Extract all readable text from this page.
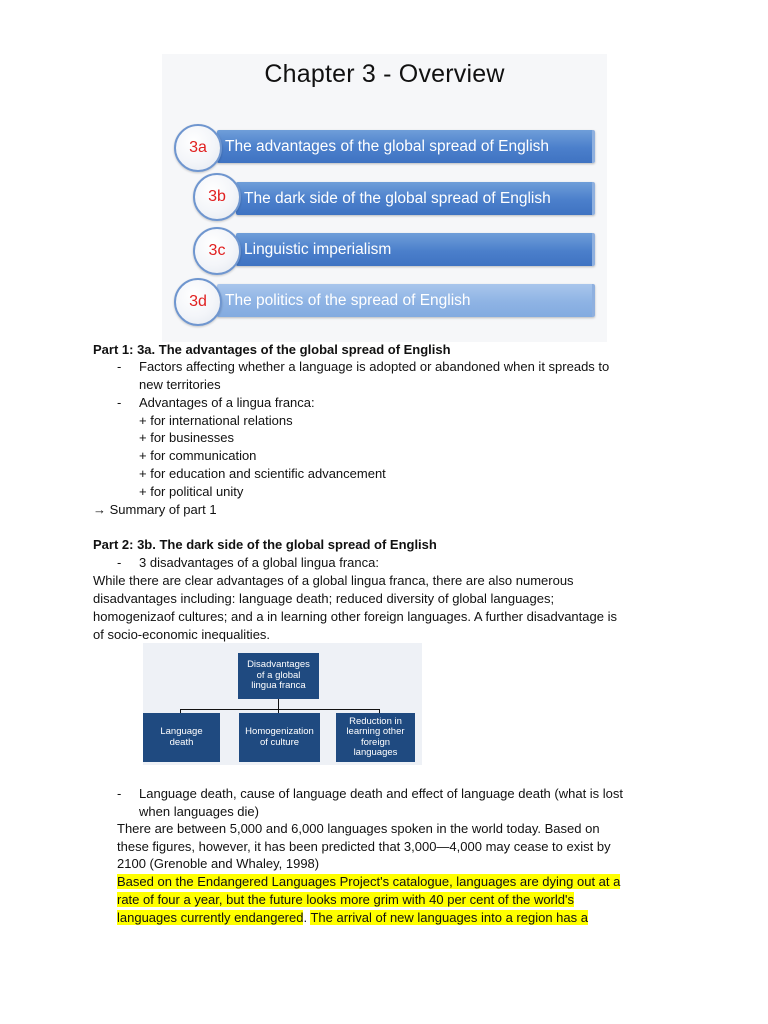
Chapter 3 - Overview
The advantages of the global spread of English
3a
The dark side of the global spread of English
3b
Linguistic imperialism
3c
The politics of the spread of English
3d
Part 1: 3a. The advantages of the global spread of English
- Factors affecting whether a language is adopted or abandoned when it spreads to
new territories
- Advantages of a lingua franca:
+ for international relations
+ for businesses
+ for communication
+ for education and scientific advancement
+ for political unity
→ Summary of part 1
Part 2: 3b. The dark side of the global spread of English
- 3 disadvantages of a global lingua franca:
While there are clear advantages of a global lingua franca, there are also numerous
disadvantages including: language death; reduced diversity of global languages;
homogenizaof cultures; and a in learning other foreign languages. A further disadvantage is
of socio-economic inequalities.
Disadvantages
of a global
lingua franca
Language
death
Homogenization
of culture
Reduction in
learning other
foreign
languages
- Language death, cause of language death and effect of language death (what is lost
when languages die)
There are between 5,000 and 6,000 languages spoken in the world today. Based on
these figures, however, it has been predicted that 3,000—4,000 may cease to exist by
2100 (Grenoble and Whaley, 1998)
Based on the Endangered Languages Project's catalogue, languages are dying out at a
rate of four a year, but the future looks more grim with 40 per cent of the world's
languages currently endangered. The arrival of new languages into a region has a
